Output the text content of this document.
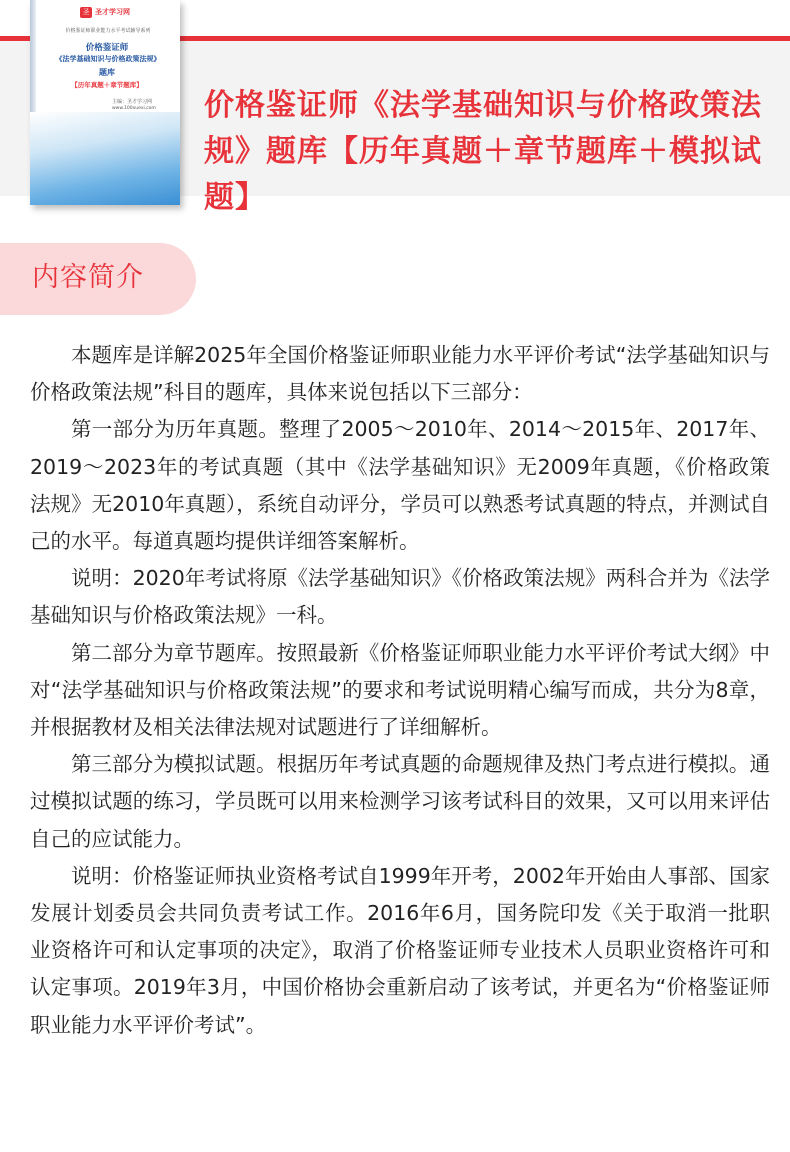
价格鉴证师《法学基础知识与价格政策法规》题库【历年真题＋章节题库＋模拟试题】
圣 圣才学习网
价格鉴证师职业能力水平考试辅导系列
价格鉴证师
《法学基础知识与价格政策法规》
题库
【历年真题＋章节题库】
主编：圣才学习网
www.100xuexi.com
内容简介

本题库是详解2025年全国价格鉴证师职业能力水平评价考试“法学基础知识与价格政策法规”科目的题库，具体来说包括以下三部分：

第一部分为历年真题。整理了2005～2010年、2014～2015年、2017年、2019～2023年的考试真题（其中《法学基础知识》无2009年真题，《价格政策法规》无2010年真题），系统自动评分，学员可以熟悉考试真题的特点，并测试自己的水平。每道真题均提供详细答案解析。

说明：2020年考试将原《法学基础知识》《价格政策法规》两科合并为《法学基础知识与价格政策法规》一科。

第二部分为章节题库。按照最新《价格鉴证师职业能力水平评价考试大纲》中对“法学基础知识与价格政策法规”的要求和考试说明精心编写而成，共分为8章，并根据教材及相关法律法规对试题进行了详细解析。

第三部分为模拟试题。根据历年考试真题的命题规律及热门考点进行模拟。通过模拟试题的练习，学员既可以用来检测学习该考试科目的效果，又可以用来评估自己的应试能力。

说明：价格鉴证师执业资格考试自1999年开考，2002年开始由人事部、国家发展计划委员会共同负责考试工作。2016年6月，国务院印发《关于取消一批职业资格许可和认定事项的决定》，取消了价格鉴证师专业技术人员职业资格许可和认定事项。2019年3月，中国价格协会重新启动了该考试，并更名为“价格鉴证师职业能力水平评价考试”。
